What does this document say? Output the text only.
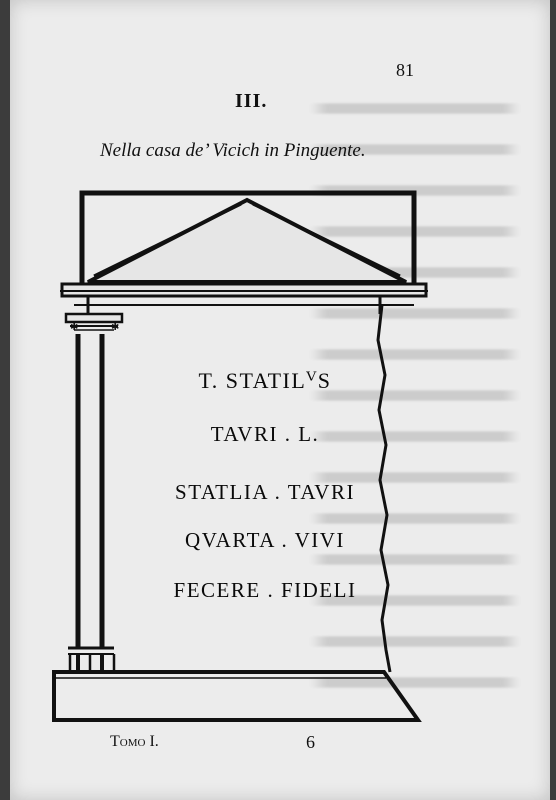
81
III.
Nella casa de’ Vicich in Pinguente.
✱	✱
T. STATILⱽS
TAVRI . L.
STATLIA . TAVRI
QVARTA . VIVI
FECERE . FIDELI
Tomo I.	6
